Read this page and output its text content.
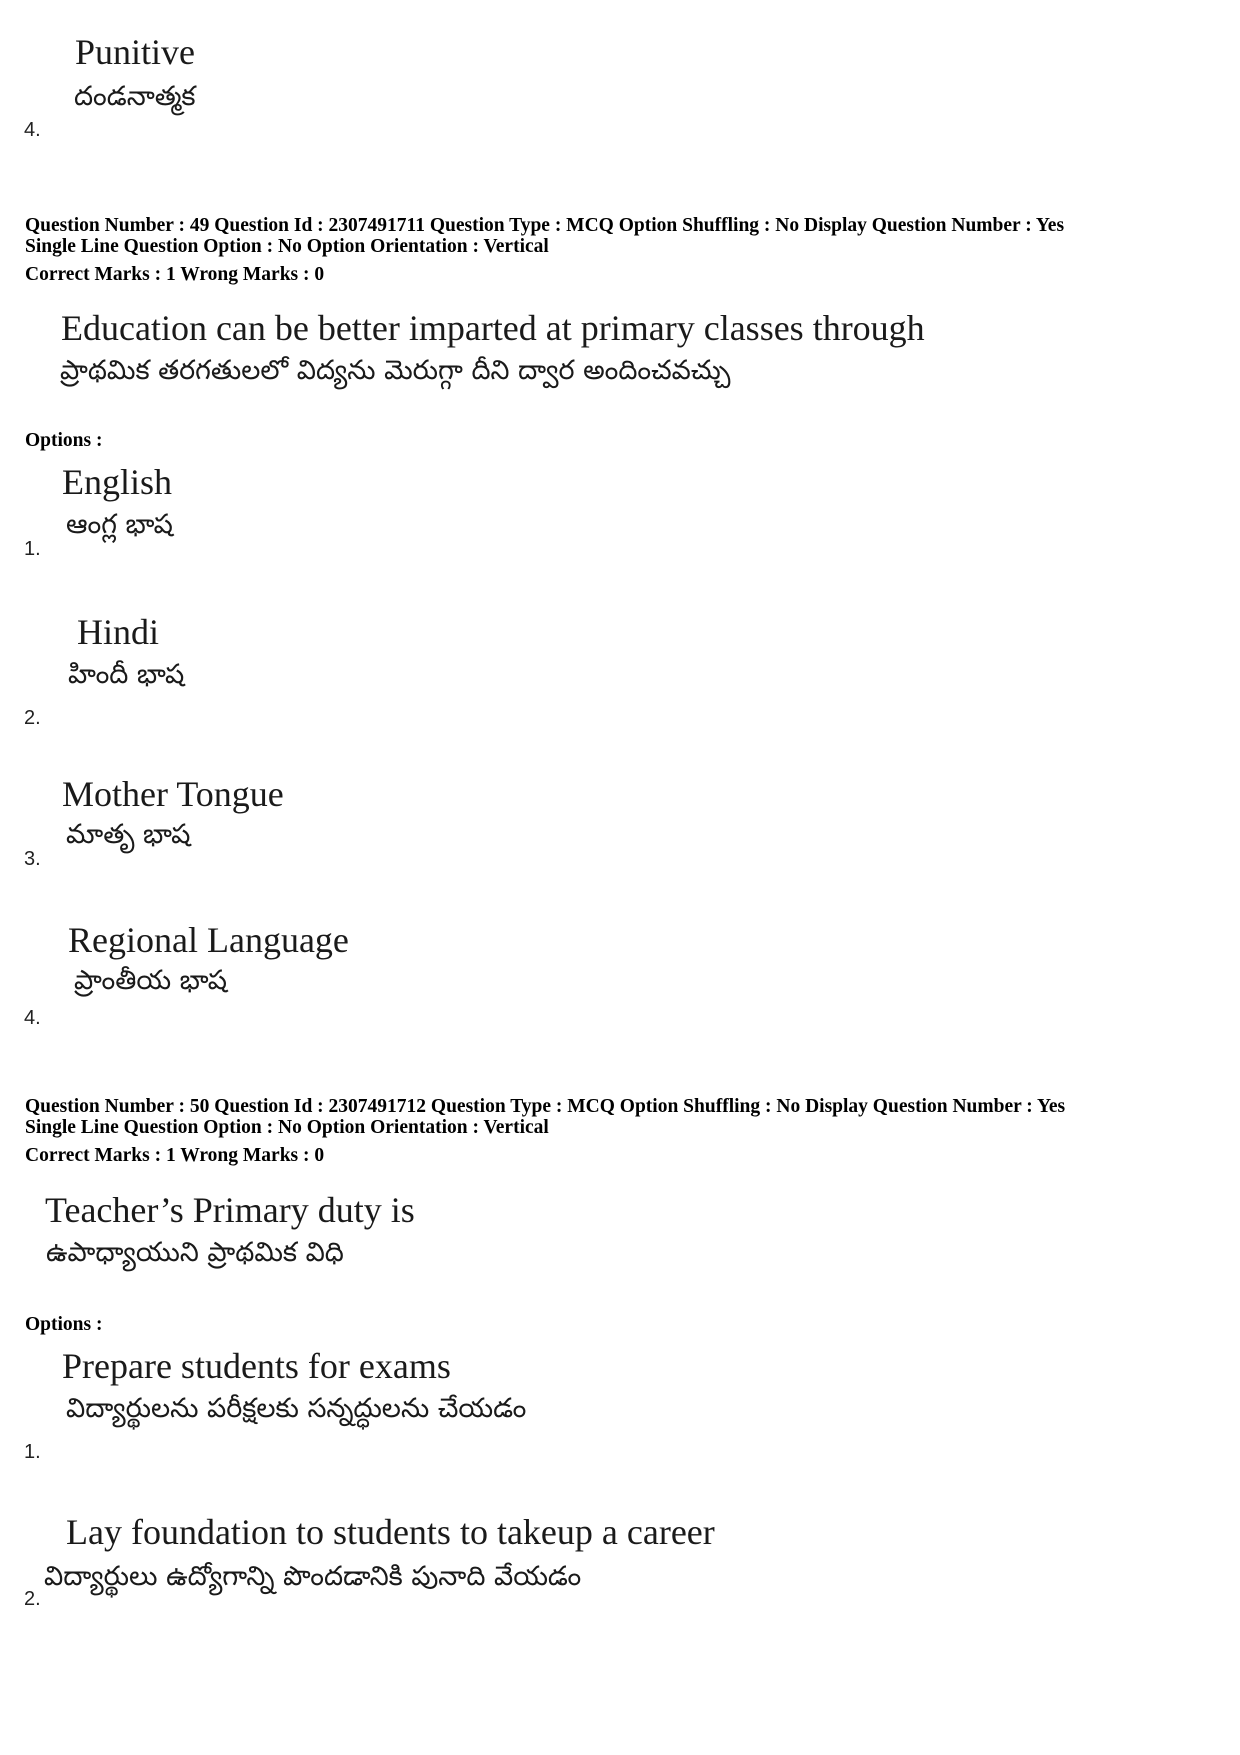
Punitive
దండనాత్మక
4.
Question Number : 49 Question Id : 2307491711 Question Type : MCQ Option Shuffling : No Display Question Number : Yes
Single Line Question Option : No Option Orientation : Vertical
Correct Marks : 1 Wrong Marks : 0
Education can be better imparted at primary classes through
ప్రాథమిక తరగతులలో విద్యను మెరుగ్గా దీని ద్వార అందించవచ్చు
Options :
English
ఆంగ్ల భాష
1.
Hindi
హిందీ భాష
2.
Mother Tongue
మాతృ భాష
3.
Regional Language
ప్రాంతీయ భాష
4.
Question Number : 50 Question Id : 2307491712 Question Type : MCQ Option Shuffling : No Display Question Number : Yes
Single Line Question Option : No Option Orientation : Vertical
Correct Marks : 1 Wrong Marks : 0
Teacher’s Primary duty is
ఉపాధ్యాయుని ప్రాథమిక విధి
Options :
Prepare students for exams
విద్యార్థులను పరీక్షలకు సన్నద్ధులను చేయడం
1.
Lay foundation to students to takeup a career
విద్యార్థులు ఉద్యోగాన్ని పొందడానికి పునాది వేయడం
2.
